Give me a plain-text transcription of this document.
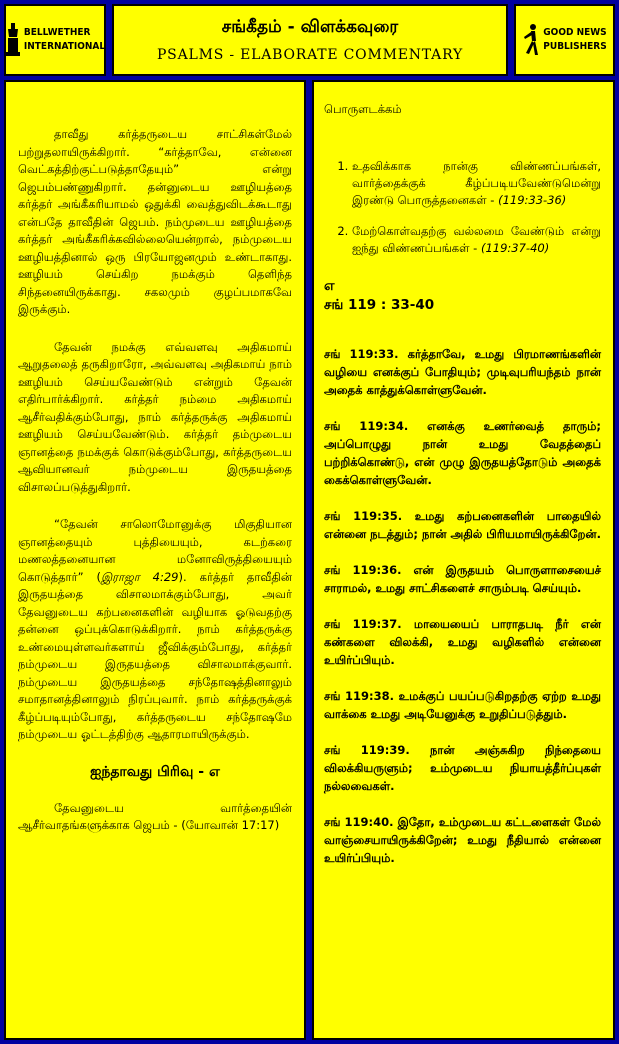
BELLWETHER
INTERNATIONAL
சங்கீதம் - விளக்கவுரை
PSALMS - ELABORATE COMMENTARY
GOOD NEWS
PUBLISHERS

தாவீது கர்த்தருடைய சாட்சிகள்மேல் பற்றுதலாயிருக்கிறார். “கர்த்தாவே, என்னை வெட்கத்திற்குட்படுத்தாதேயும்” என்று ஜெபம்பண்ணுகிறார். தன்னுடைய ஊழியத்தை கர்த்தர் அங்கீகரியாமல் ஒதுக்கி வைத்துவிடக்கூடாது என்பதே தாவீதின் ஜெபம். நம்முடைய ஊழியத்தை கர்த்தர் அங்கீகரிக்கவில்லையென்றால், நம்முடைய ஊழியத்தினால் ஒரு பிரயோஜனமும் உண்டாகாது. ஊழியம் செய்கிற நமக்கும் தெளிந்த சிந்தனையிருக்காது. சகலமும் குழப்பமாகவே இருக்கும்.

தேவன் நமக்கு எவ்வளவு அதிகமாய் ஆறுதலைத் தருகிறாரோ, அவ்வளவு அதிகமாய் நாம் ஊழியம் செய்யவேண்டும் என்றும் தேவன் எதிர்பார்க்கிறார். கர்த்தர் நம்மை அதிகமாய் ஆசீர்வதிக்கும்போது, நாம் கர்த்தருக்கு அதிகமாய் ஊழியம் செய்யவேண்டும். கர்த்தர் தம்முடைய ஞானத்தை நமக்குக் கொடுக்கும்போது, கர்த்தருடைய ஆவியானவர் நம்முடைய இருதயத்தை விசாலப்படுத்துகிறார்.

“தேவன் சாலொமோனுக்கு மிகுதியான ஞானத்தையும் புத்தியையும், கடற்கரை மணலத்தனையான மனோவிருத்தியையும் கொடுத்தார்” (இராஜா 4:29). கர்த்தர் தாவீதின் இருதயத்தை விசாலமாக்கும்போது, அவர் தேவனுடைய கற்பனைகளின் வழியாக ஓடுவதற்கு தன்னை ஒப்புக்கொடுக்கிறார். நாம் கர்த்தருக்கு உண்மையுள்ளவர்களாய் ஜீவிக்கும்போது, கர்த்தர் நம்முடைய இருதயத்தை விசாலமாக்குவார். நம்முடைய இருதயத்தை சந்தோஷத்தினாலும் சமாதானத்தினாலும் நிரப்புவார். நாம் கர்த்தருக்குக் கீழ்ப்படியும்போது, கர்த்தருடைய சந்தோஷமே நம்முடைய ஓட்டத்திற்கு ஆதாரமாயிருக்கும்.

ஐந்தாவது பிரிவு - எ

தேவனுடைய வார்த்தையின் ஆசீர்வாதங்களுக்காக ஜெபம் - (யோவான் 17:17)

பொருளடக்கம்
1. உதவிக்காக நான்கு விண்ணப்பங்கள், வார்த்தைக்குக் கீழ்ப்படியவேண்டுமென்று இரண்டு பொருத்தனைகள் - (119:33-36)
2. மேற்கொள்வதற்கு வல்லமை வேண்டும் என்று ஐந்து விண்ணப்பங்கள் - (119:37-40)
எ
சங் 119 : 33-40

சங் 119:33. கர்த்தாவே, உமது பிரமாணங்களின் வழியை எனக்குப் போதியும்; முடிவுபரியந்தம் நான் அதைக் காத்துக்கொள்ளுவேன்.

சங் 119:34. எனக்கு உணர்வைத் தாரும்; அப்பொழுது நான் உமது வேதத்தைப் பற்றிக்கொண்டு, என் முழு இருதயத்தோடும் அதைக் கைக்கொள்ளுவேன்.

சங் 119:35. உமது கற்பனைகளின் பாதையில் என்னை நடத்தும்; நான் அதில் பிரியமாயிருக்கிறேன்.

சங் 119:36. என் இருதயம் பொருளாசையைச் சாராமல், உமது சாட்சிகளைச் சாரும்படி செய்யும்.

சங் 119:37. மாயையைப் பாராதபடி நீர் என் கண்களை விலக்கி, உமது வழிகளில் என்னை உயிர்ப்பியும்.

சங் 119:38. உமக்குப் பயப்படுகிறதற்கு ஏற்ற உமது வாக்கை உமது அடியேனுக்கு உறுதிப்படுத்தும்.

சங் 119:39. நான் அஞ்சுகிற நிந்தையை விலக்கியருளும்; உம்முடைய நியாயத்தீர்ப்புகள் நல்லவைகள்.

சங் 119:40. இதோ, உம்முடைய கட்டளைகள் மேல் வாஞ்சையாயிருக்கிறேன்; உமது நீதியால் என்னை உயிர்ப்பியும்.
